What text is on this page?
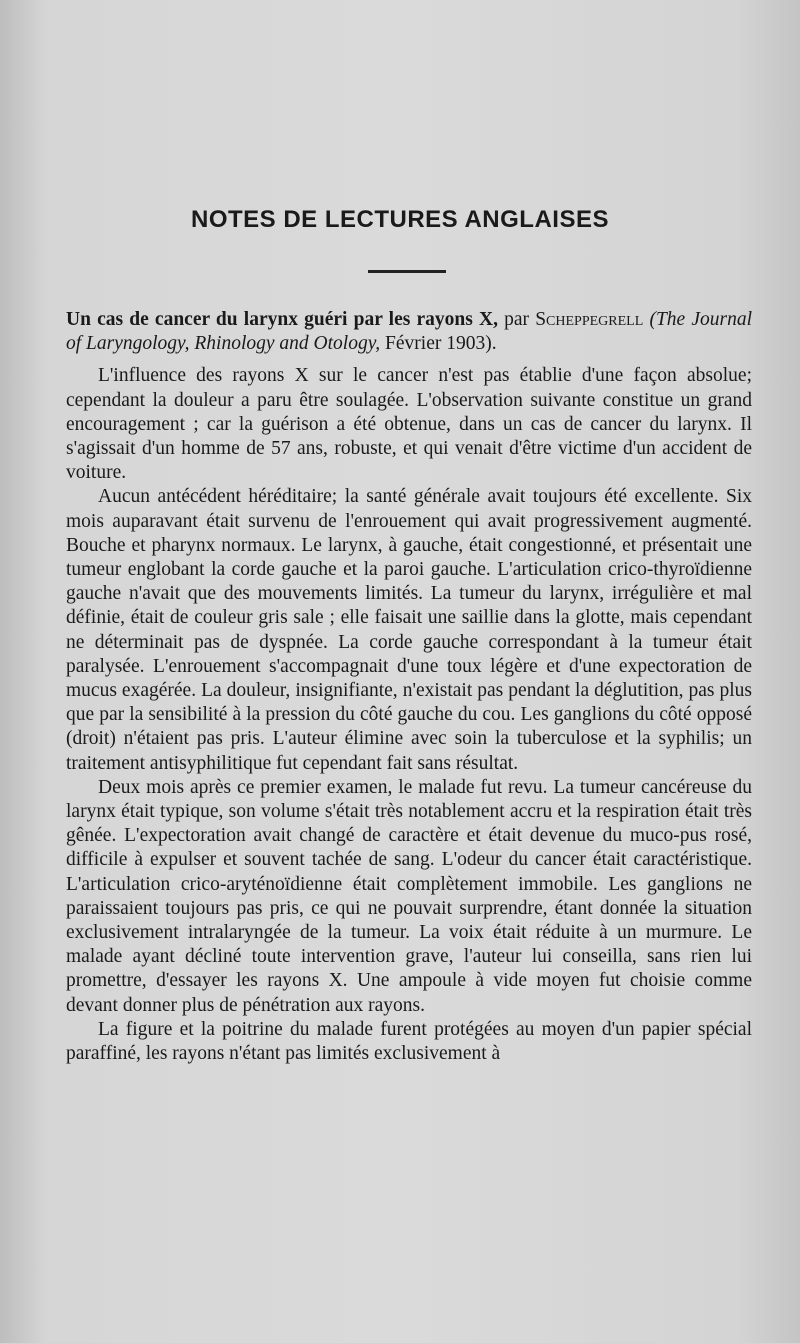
NOTES DE LECTURES ANGLAISES

Un cas de cancer du larynx guéri par les rayons X, par Scheppegrell (The Journal of Laryngology, Rhinology and Otology, Février 1903).

L'influence des rayons X sur le cancer n'est pas établie d'une façon absolue; cependant la douleur a paru être soulagée. L'observation suivante constitue un grand encouragement ; car la guérison a été obtenue, dans un cas de cancer du larynx. Il s'agissait d'un homme de 57 ans, robuste, et qui venait d'être victime d'un accident de voiture.

Aucun antécédent héréditaire; la santé générale avait toujours été excellente. Six mois auparavant était survenu de l'enrouement qui avait progressivement augmenté. Bouche et pharynx normaux. Le larynx, à gauche, était congestionné, et présentait une tumeur englobant la corde gauche et la paroi gauche. L'articulation crico-thyroïdienne gauche n'avait que des mouvements limités. La tumeur du larynx, irrégulière et mal définie, était de couleur gris sale ; elle faisait une saillie dans la glotte, mais cependant ne déterminait pas de dyspnée. La corde gauche correspondant à la tumeur était paralysée. L'enrouement s'accompagnait d'une toux légère et d'une expectoration de mucus exagérée. La douleur, insignifiante, n'existait pas pendant la déglutition, pas plus que par la sensibilité à la pression du côté gauche du cou. Les ganglions du côté opposé (droit) n'étaient pas pris. L'auteur élimine avec soin la tuberculose et la syphilis; un traitement antisyphilitique fut cependant fait sans résultat.

Deux mois après ce premier examen, le malade fut revu. La tumeur cancéreuse du larynx était typique, son volume s'était très notablement accru et la respiration était très gênée. L'expectoration avait changé de caractère et était devenue du muco-pus rosé, difficile à expulser et souvent tachée de sang. L'odeur du cancer était caractéristique. L'articulation crico-aryténoïdienne était complètement immobile. Les ganglions ne paraissaient toujours pas pris, ce qui ne pouvait surprendre, étant donnée la situation exclusivement intralaryngée de la tumeur. La voix était réduite à un murmure. Le malade ayant décliné toute intervention grave, l'auteur lui conseilla, sans rien lui promettre, d'essayer les rayons X. Une ampoule à vide moyen fut choisie comme devant donner plus de pénétration aux rayons.

La figure et la poitrine du malade furent protégées au moyen d'un papier spécial paraffiné, les rayons n'étant pas limités exclusivement à
